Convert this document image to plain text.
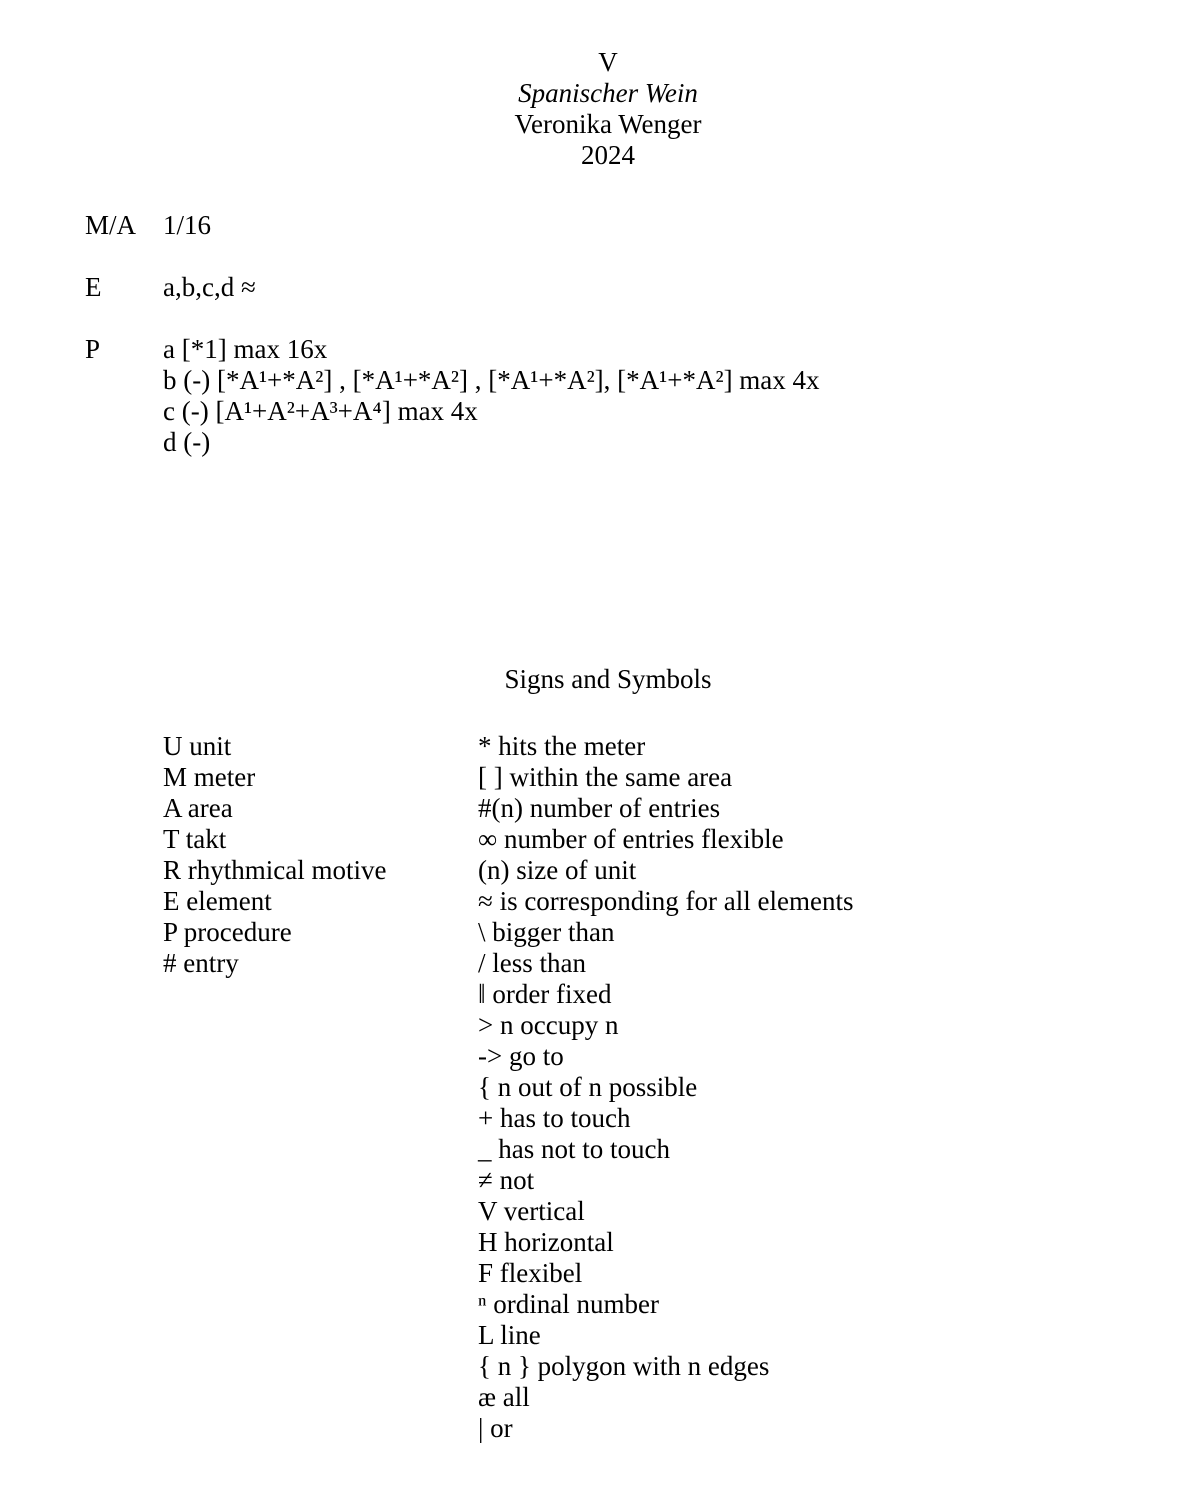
V
Spanischer Wein
Veronika Wenger
2024
M/A 1/16
E	a,b,c,d ≈
P	a [*1] max 16x
b (-) [*A¹+*A²] , [*A¹+*A²] , [*A¹+*A²], [*A¹+*A²] max 4x
c (-) [A¹+A²+A³+A⁴] max 4x
d (-)
Signs and Symbols
U unit
M meter
A area
T takt
R rhythmical motive
E element
P procedure
# entry
* hits the meter
[ ] within the same area
#(n) number of entries
∞ number of entries flexible
(n) size of unit
≈ is corresponding for all elements
\ bigger than
/ less than
‖ order fixed
> n occupy n
-> go to
{ n out of n possible
+ has to touch
_ has not to touch
≠ not
V vertical
H horizontal
F flexibel
ⁿ ordinal number
L line
{ n } polygon with n edges
æ all
| or
